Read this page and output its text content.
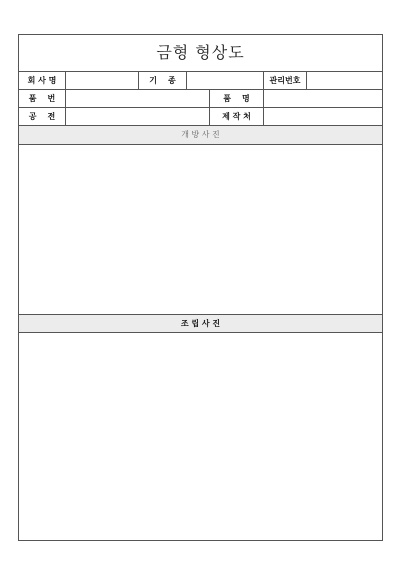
금형 형상도						
회 사 명		기    종			관리번호	
품    번				품    명		
공    전				제 작 처		
개 방 사 진						

조 립 사 진						
